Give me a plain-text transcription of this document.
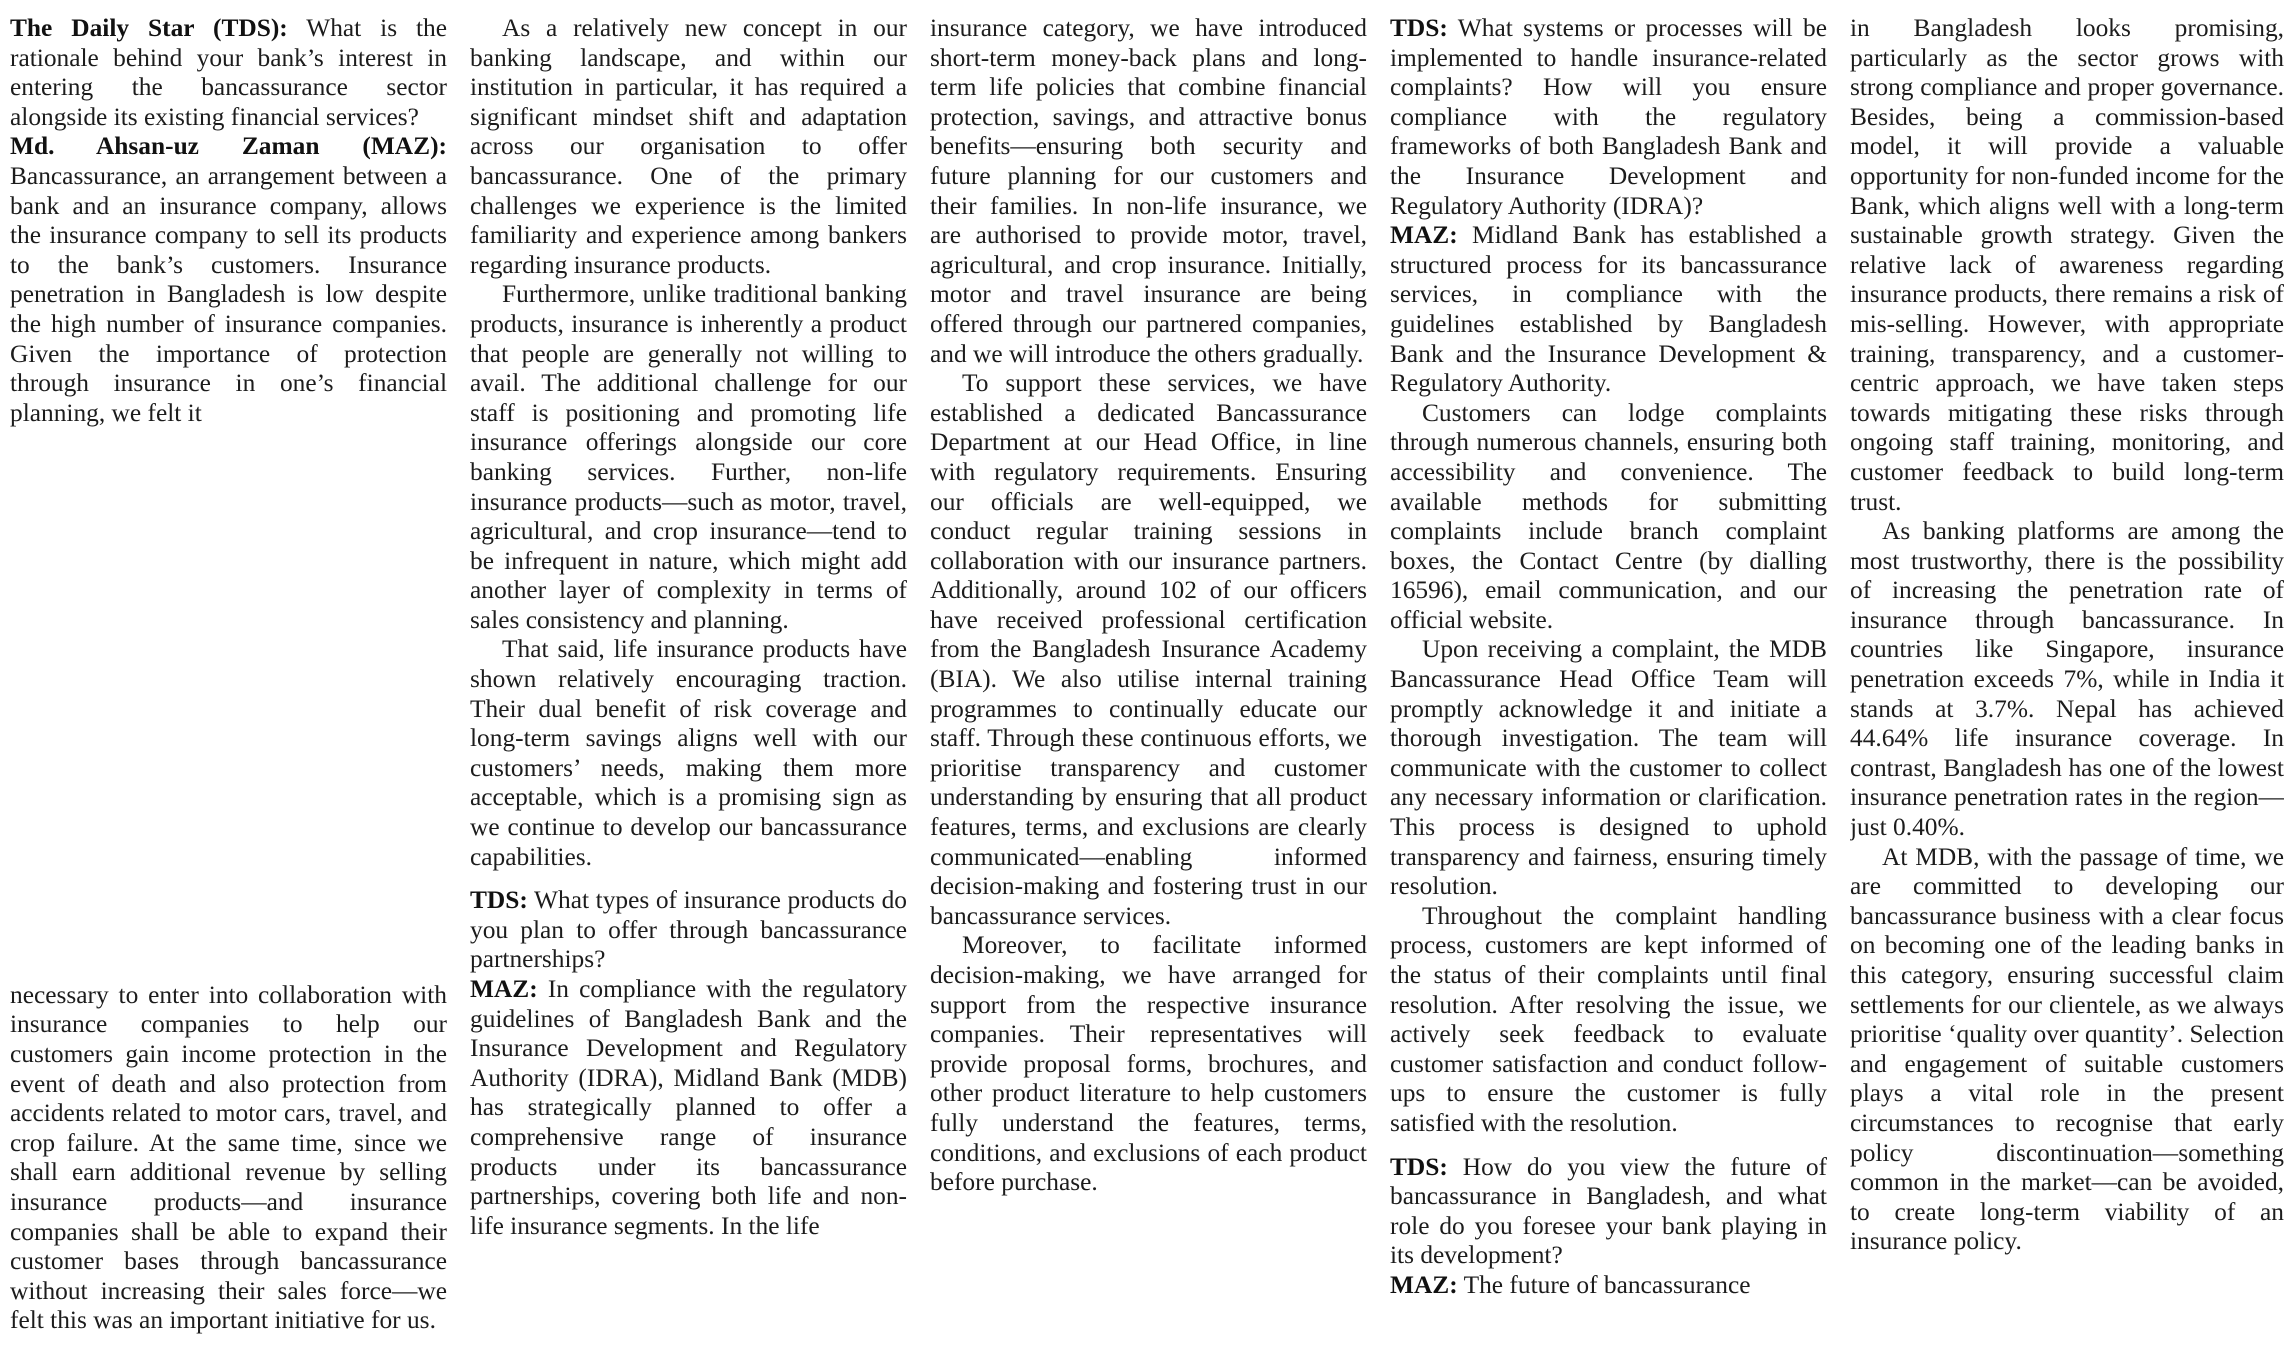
The Daily Star (TDS): What is the rationale behind your bank’s interest in entering the bancassurance sector alongside its existing financial services?

Md. Ahsan-uz Zaman (MAZ): Bancassurance, an arrangement between a bank and an insurance company, allows the insurance company to sell its products to the bank’s customers. Insurance penetration in Bangladesh is low despite the high number of insurance companies. Given the importance of protection through insurance in one’s financial planning, we felt it

necessary to enter into collaboration with insurance companies to help our customers gain income protection in the event of death and also protection from accidents related to motor cars, travel, and crop failure. At the same time, since we shall earn additional revenue by selling insurance products—and insurance companies shall be able to expand their customer bases through bancassurance without increasing their sales force—we felt this was an important initiative for us.

As a relatively new concept in our banking landscape, and within our institution in particular, it has required a significant mindset shift and adaptation across our organisation to offer bancassurance. One of the primary challenges we experience is the limited familiarity and experience among bankers regarding insurance products.

Furthermore, unlike traditional banking products, insurance is inherently a product that people are generally not willing to avail. The additional challenge for our staff is positioning and promoting life insurance offerings alongside our core banking services. Further, non-life insurance products—such as motor, travel, agricultural, and crop insurance—tend to be infrequent in nature, which might add another layer of complexity in terms of sales consistency and planning.

That said, life insurance products have shown relatively encouraging traction. Their dual benefit of risk coverage and long-term savings aligns well with our customers’ needs, making them more acceptable, which is a promising sign as we continue to develop our bancassurance capabilities.

TDS: What types of insurance products do you plan to offer through bancassurance partnerships?

MAZ: In compliance with the regulatory guidelines of Bangladesh Bank and the Insurance Development and Regulatory Authority (IDRA), Midland Bank (MDB) has strategically planned to offer a comprehensive range of insurance products under its bancassurance partnerships, covering both life and non-life insurance segments. In the life

insurance category, we have introduced short-term money-back plans and long-term life policies that combine financial protection, savings, and attractive bonus benefits—ensuring both security and future planning for our customers and their families. In non-life insurance, we are authorised to provide motor, travel, agricultural, and crop insurance. Initially, motor and travel insurance are being offered through our partnered companies, and we will introduce the others gradually.

To support these services, we have established a dedicated Bancassurance Department at our Head Office, in line with regulatory requirements. Ensuring our officials are well-equipped, we conduct regular training sessions in collaboration with our insurance partners. Additionally, around 102 of our officers have received professional certification from the Bangladesh Insurance Academy (BIA). We also utilise internal training programmes to continually educate our staff. Through these continuous efforts, we prioritise transparency and customer understanding by ensuring that all product features, terms, and exclusions are clearly communicated—enabling informed decision-making and fostering trust in our bancassurance services.

Moreover, to facilitate informed decision-making, we have arranged for support from the respective insurance companies. Their representatives will provide proposal forms, brochures, and other product literature to help customers fully understand the features, terms, conditions, and exclusions of each product before purchase.

TDS: What systems or processes will be implemented to handle insurance-related complaints? How will you ensure compliance with the regulatory frameworks of both Bangladesh Bank and the Insurance Development and Regulatory Authority (IDRA)?

MAZ: Midland Bank has established a structured process for its bancassurance services, in compliance with the guidelines established by Bangladesh Bank and the Insurance Development & Regulatory Authority.

Customers can lodge complaints through numerous channels, ensuring both accessibility and convenience. The available methods for submitting complaints include branch complaint boxes, the Contact Centre (by dialling 16596), email communication, and our official website.

Upon receiving a complaint, the MDB Bancassurance Head Office Team will promptly acknowledge it and initiate a thorough investigation. The team will communicate with the customer to collect any necessary information or clarification. This process is designed to uphold transparency and fairness, ensuring timely resolution.

Throughout the complaint handling process, customers are kept informed of the status of their complaints until final resolution. After resolving the issue, we actively seek feedback to evaluate customer satisfaction and conduct follow-ups to ensure the customer is fully satisfied with the resolution.

TDS: How do you view the future of bancassurance in Bangladesh, and what role do you foresee your bank playing in its development?

MAZ: The future of bancassurance

in Bangladesh looks promising, particularly as the sector grows with strong compliance and proper governance. Besides, being a commission-based model, it will provide a valuable opportunity for non-funded income for the Bank, which aligns well with a long-term sustainable growth strategy. Given the relative lack of awareness regarding insurance products, there remains a risk of mis-selling. However, with appropriate training, transparency, and a customer-centric approach, we have taken steps towards mitigating these risks through ongoing staff training, monitoring, and customer feedback to build long-term trust.

As banking platforms are among the most trustworthy, there is the possibility of increasing the penetration rate of insurance through bancassurance. In countries like Singapore, insurance penetration exceeds 7%, while in India it stands at 3.7%. Nepal has achieved 44.64% life insurance coverage. In contrast, Bangladesh has one of the lowest insurance penetration rates in the region—just 0.40%.

At MDB, with the passage of time, we are committed to developing our bancassurance business with a clear focus on becoming one of the leading banks in this category, ensuring successful claim settlements for our clientele, as we always prioritise ‘quality over quantity’. Selection and engagement of suitable customers plays a vital role in the present circumstances to recognise that early policy discontinuation—something common in the market—can be avoided, to create long-term viability of an insurance policy.
